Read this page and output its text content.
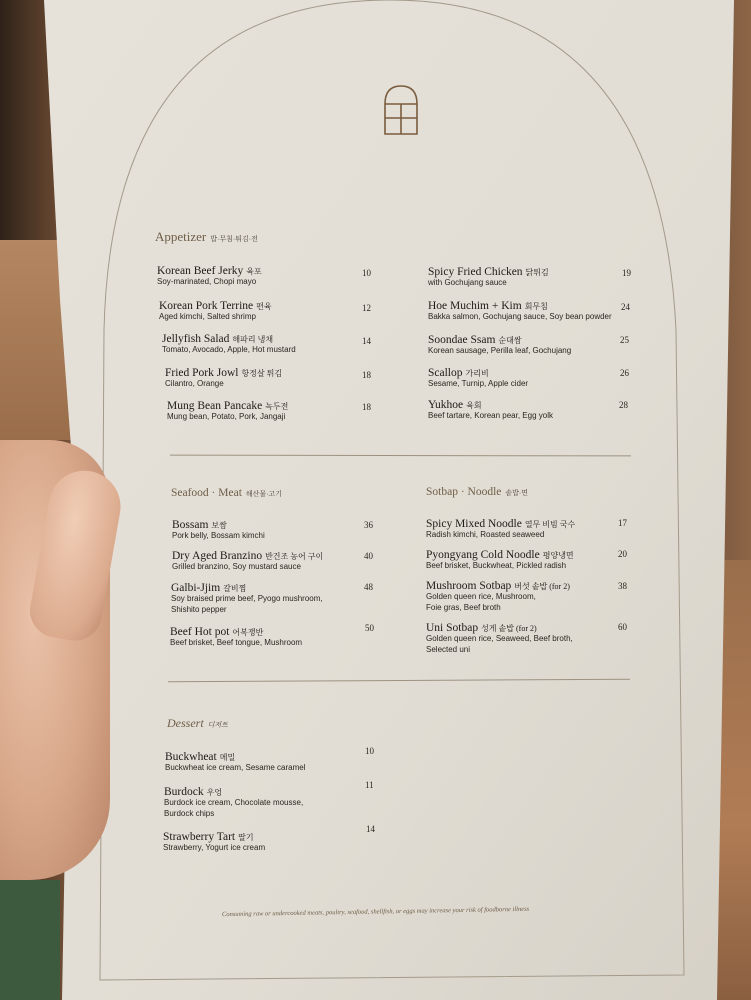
Appetizer 밥·무침·튀김·전
Seafood · Meat 해산물·고기	Sotbap · Noodle 솥밥·면
Dessert 디저트
Korean Beef Jerky 육포
Soy-marinated, Chopi mayo
10
Korean Pork Terrine 편육
Aged kimchi, Salted shrimp
12
Jellyfish Salad 해파리 냉채
Tomato, Avocado, Apple, Hot mustard
14
Fried Pork Jowl 항정살 튀김
Cilantro, Orange
18
Mung Bean Pancake 녹두전
Mung bean, Potato, Pork, Jangaji
18
Spicy Fried Chicken 닭튀김
with Gochujang sauce
19
Hoe Muchim + Kim 회무침
Bakka salmon, Gochujang sauce, Soy bean powder
24
Soondae Ssam 순대쌈
Korean sausage, Perilla leaf, Gochujang
25
Scallop 가리비
Sesame, Turnip, Apple cider
26
Yukhoe 육회
Beef tartare, Korean pear, Egg yolk
28
Bossam 보쌈
Pork belly, Bossam kimchi
36
Dry Aged Branzino 반건조 농어 구이
Grilled branzino, Soy mustard sauce
40
Galbi-Jjim 갈비찜
Soy braised prime beef, Pyogo mushroom,
Shishito pepper
48
Beef Hot pot 어복쟁반
Beef brisket, Beef tongue, Mushroom
50
Spicy Mixed Noodle 열무 비빔 국수
Radish kimchi, Roasted seaweed
17
Pyongyang Cold Noodle 평양냉면
Beef brisket, Buckwheat, Pickled radish
20
Mushroom Sotbap 버섯 솥밥 (for 2)
Golden queen rice, Mushroom,
Foie gras, Beef broth
38
Uni Sotbap 성게 솥밥 (for 2)
Golden queen rice, Seaweed, Beef broth,
Selected uni
60
Buckwheat 메밀
Buckwheat ice cream, Sesame caramel
10
Burdock 우엉
Burdock ice cream, Chocolate mousse,
Burdock chips
11
Strawberry Tart 딸기
Strawberry, Yogurt ice cream
14
Consuming raw or undercooked meats, poultry, seafood, shellfish, or eggs may increase your risk of foodborne illness
